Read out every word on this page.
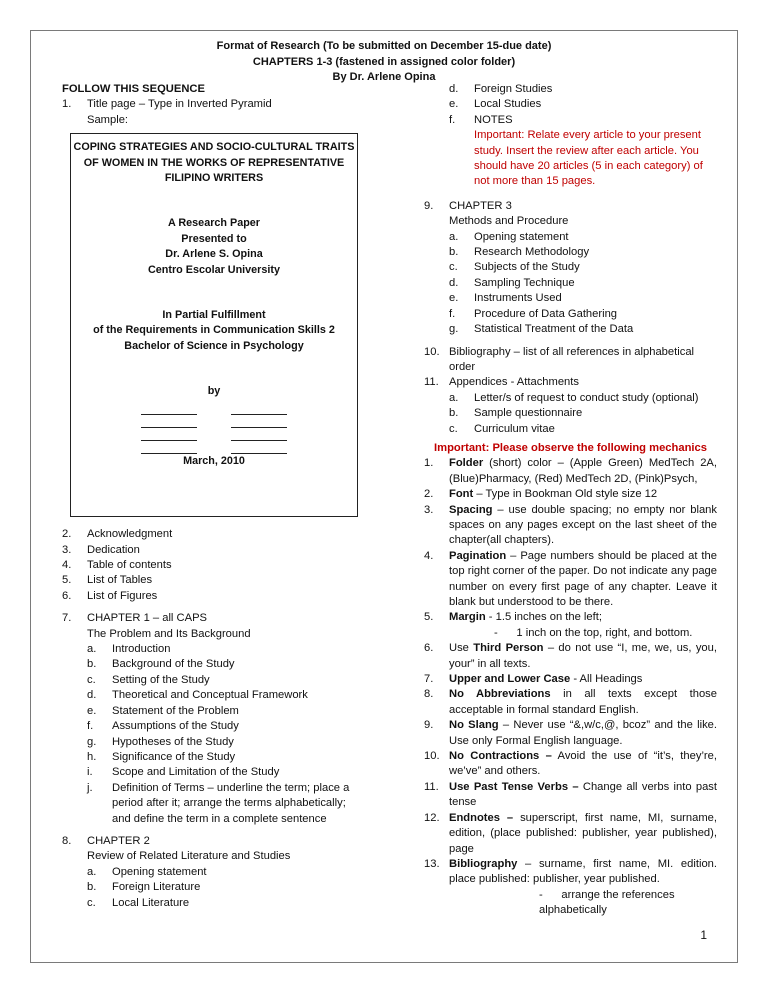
Format of Research (To be submitted on December 15-due date)
CHAPTERS 1-3 (fastened in assigned color folder)
By Dr. Arlene Opina
FOLLOW THIS SEQUENCE
1.	Title page – Type in Inverted Pyramid
Sample:
COPING STRATEGIES AND SOCIO-CULTURAL TRAITS
OF WOMEN IN THE WORKS OF REPRESENTATIVE
FILIPINO WRITERS
A Research Paper
Presented to
Dr. Arlene S. Opina
Centro Escolar University
In Partial Fulfillment
of the Requirements in Communication Skills 2
Bachelor of Science in Psychology
by
March, 2010
2.	Acknowledgment
3.	Dedication
4.	Table of contents
5.	List of Tables
6.	List of Figures
7.	CHAPTER 1 – all CAPS
The Problem and Its Background
a.	Introduction
b.	Background of the Study
c.	Setting of the Study
d.	Theoretical and Conceptual Framework
e.	Statement of the Problem
f.	Assumptions of the Study
g.	Hypotheses of the Study
h.	Significance of the Study
i.	Scope and Limitation of the Study
j.	Definition of Terms – underline the term; place a period after it; arrange the terms alphabetically; and define the term in a complete sentence
8.	CHAPTER 2
Review of Related Literature and Studies
a.	Opening statement
b.	Foreign Literature
c.	Local Literature
d.	Foreign Studies
e.	Local Studies
f.	NOTES
Important: Relate every article to your present study. Insert the review after each article. You should have 20 articles (5 in each category) of not more than 15 pages.
9.	CHAPTER 3
Methods and Procedure
a.	Opening statement
b.	Research Methodology
c.	Subjects of the Study
d.	Sampling Technique
e.	Instruments Used
f.	Procedure of Data Gathering
g.	Statistical Treatment of the Data
10. Bibliography – list of all references in alphabetical order
11. Appendices - Attachments
a.	Letter/s of request to conduct study (optional)
b.	Sample questionnaire
c.	Curriculum vitae
Important: Please observe the following mechanics
1.	Folder (short) color – (Apple Green) MedTech 2A, (Blue)Pharmacy, (Red) MedTech 2D, (Pink)Psych,
2.	Font – Type in Bookman Old style size 12
3.	Spacing – use double spacing; no empty nor blank spaces on any pages except on the last sheet of the chapter(all chapters).
4.	Pagination – Page numbers should be placed at the top right corner of the paper. Do not indicate any page number on every first page of any chapter. Leave it blank but understood to be there.
5.	Margin - 1.5 inches on the left;
-      1 inch on the top, right, and bottom.
6.	Use Third Person – do not use “I, me, we, us, you, your” in all texts.
7.	Upper and Lower Case - All Headings
8.	No Abbreviations in all texts except those acceptable in formal standard English.
9.	No Slang – Never use “&,w/c,@, bcoz” and the like. Use only Formal English language.
10. No Contractions – Avoid the use of “it’s, they’re, we’ve” and others.
11. Use Past Tense Verbs – Change all verbs into past tense
12. Endnotes – superscript, first name, MI, surname, edition, (place published: publisher, year published), page
13. Bibliography – surname, first name, MI. edition. place published: publisher, year published.
-      arrange the references alphabetically
1
